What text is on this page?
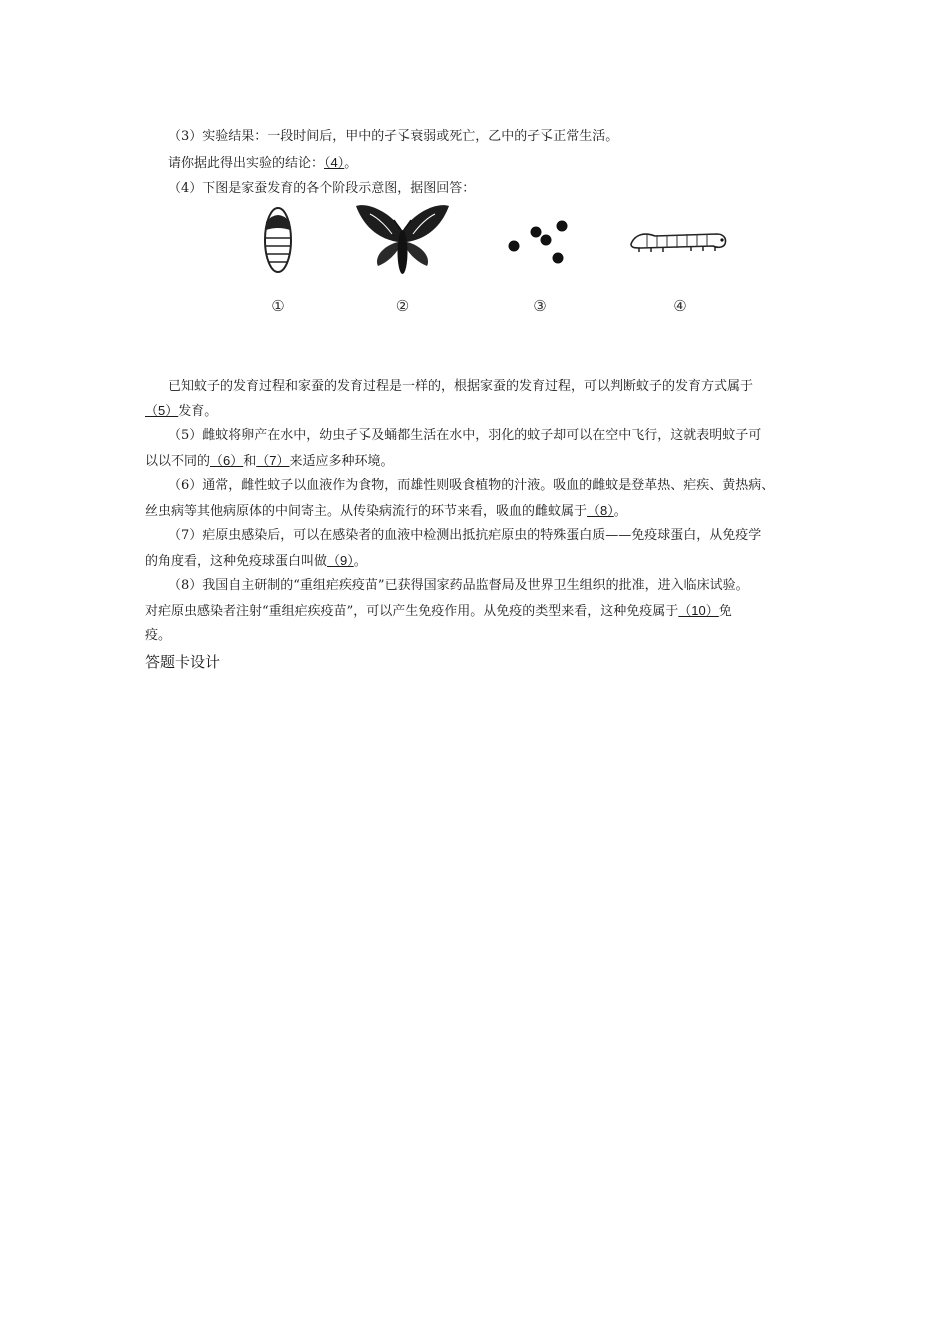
（3）实验结果：一段时间后，甲中的孑孓衰弱或死亡，乙中的孑孓正常生活。
请你据此得出实验的结论：（4）。
（4）下图是家蚕发育的各个阶段示意图，据图回答：
①	②	③	④
已知蚊子的发育过程和家蚕的发育过程是一样的，根据家蚕的发育过程，可以判断蚊子的发育方式属于
（5）发育。
（5）雌蚊将卵产在水中，幼虫孑孓及蛹都生活在水中，羽化的蚊子却可以在空中飞行，这就表明蚊子可
以以不同的（6）和（7）来适应多种环境。
（6）通常，雌性蚊子以血液作为食物，而雄性则吸食植物的汁液。吸血的雌蚊是登革热、疟疾、黄热病、
丝虫病等其他病原体的中间寄主。从传染病流行的环节来看，吸血的雌蚊属于（8）。
（7）疟原虫感染后，可以在感染者的血液中检测出抵抗疟原虫的特殊蛋白质——免疫球蛋白，从免疫学
的角度看，这种免疫球蛋白叫做（9）。
（8）我国自主研制的“重组疟疾疫苗”已获得国家药品监督局及世界卫生组织的批准，进入临床试验。
对疟原虫感染者注射“重组疟疾疫苗”，可以产生免疫作用。从免疫的类型来看，这种免疫属于（10）免
疫。
答题卡设计
